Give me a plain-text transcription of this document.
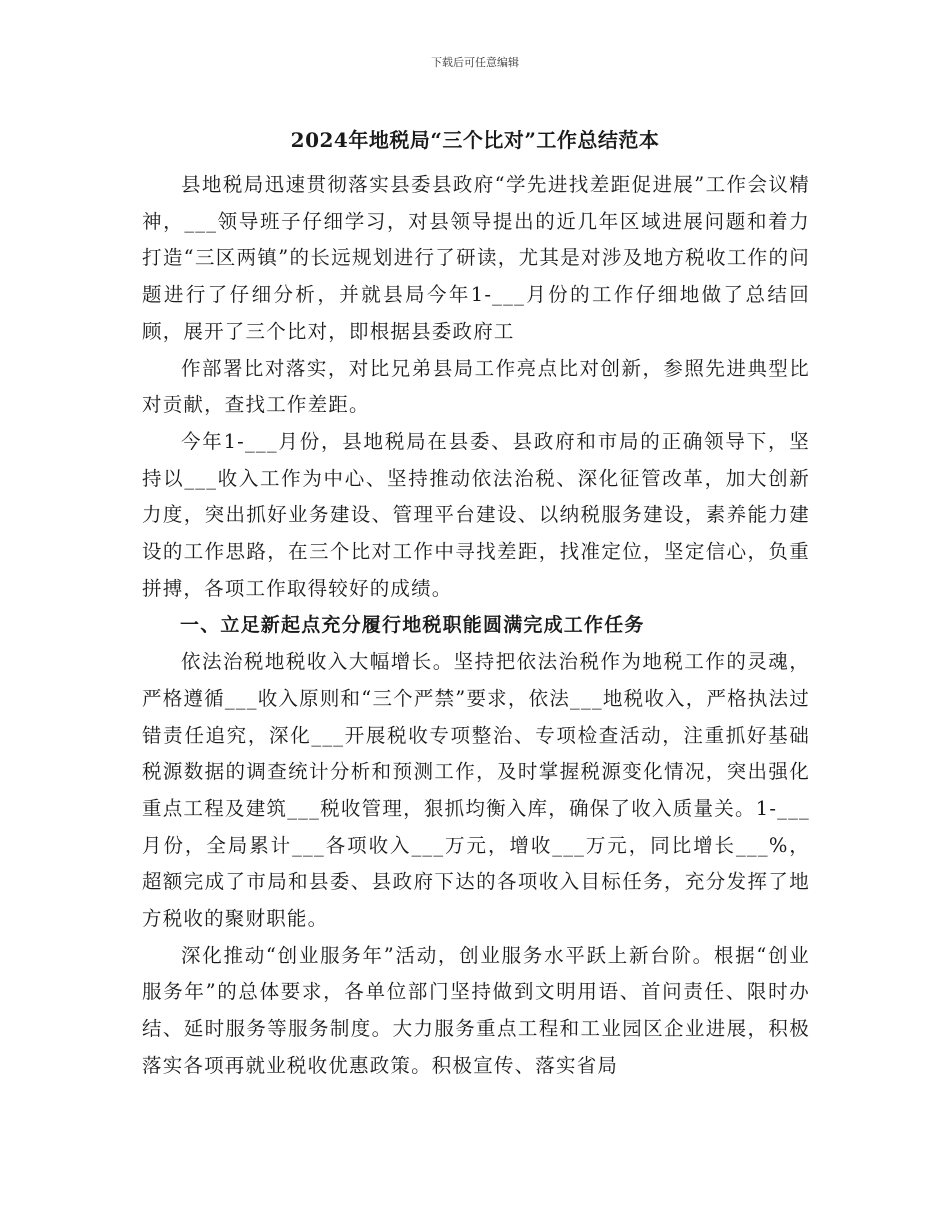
下载后可任意编辑
2024年地税局“三个比对”工作总结范本

县地税局迅速贯彻落实县委县政府“学先进找差距促进展”工作会议精神，___领导班子仔细学习，对县领导提出的近几年区域进展问题和着力打造“三区两镇”的长远规划进行了研读，尤其是对涉及地方税收工作的问题进行了仔细分析，并就县局今年1-___月份的工作仔细地做了总结回顾，展开了三个比对，即根据县委政府工

作部署比对落实，对比兄弟县局工作亮点比对创新，参照先进典型比对贡献，查找工作差距。

今年1-___月份，县地税局在县委、县政府和市局的正确领导下，坚持以___收入工作为中心、坚持推动依法治税、深化征管改革，加大创新力度，突出抓好业务建设、管理平台建设、以纳税服务建设，素养能力建设的工作思路，在三个比对工作中寻找差距，找准定位，坚定信心，负重拼搏，各项工作取得较好的成绩。

一、立足新起点充分履行地税职能圆满完成工作任务

依法治税地税收入大幅增长。坚持把依法治税作为地税工作的灵魂，严格遵循___收入原则和“三个严禁”要求，依法___地税收入，严格执法过错责任追究，深化___开展税收专项整治、专项检查活动，注重抓好基础税源数据的调查统计分析和预测工作，及时掌握税源变化情况，突出强化重点工程及建筑___税收管理，狠抓均衡入库，确保了收入质量关。1-___月份，全局累计___各项收入___万元，增收___万元，同比增长___%，超额完成了市局和县委、县政府下达的各项收入目标任务，充分发挥了地方税收的聚财职能。

深化推动“创业服务年”活动，创业服务水平跃上新台阶。根据“创业服务年”的总体要求，各单位部门坚持做到文明用语、首问责任、限时办结、延时服务等服务制度。大力服务重点工程和工业园区企业进展，积极落实各项再就业税收优惠政策。积极宣传、落实省局
